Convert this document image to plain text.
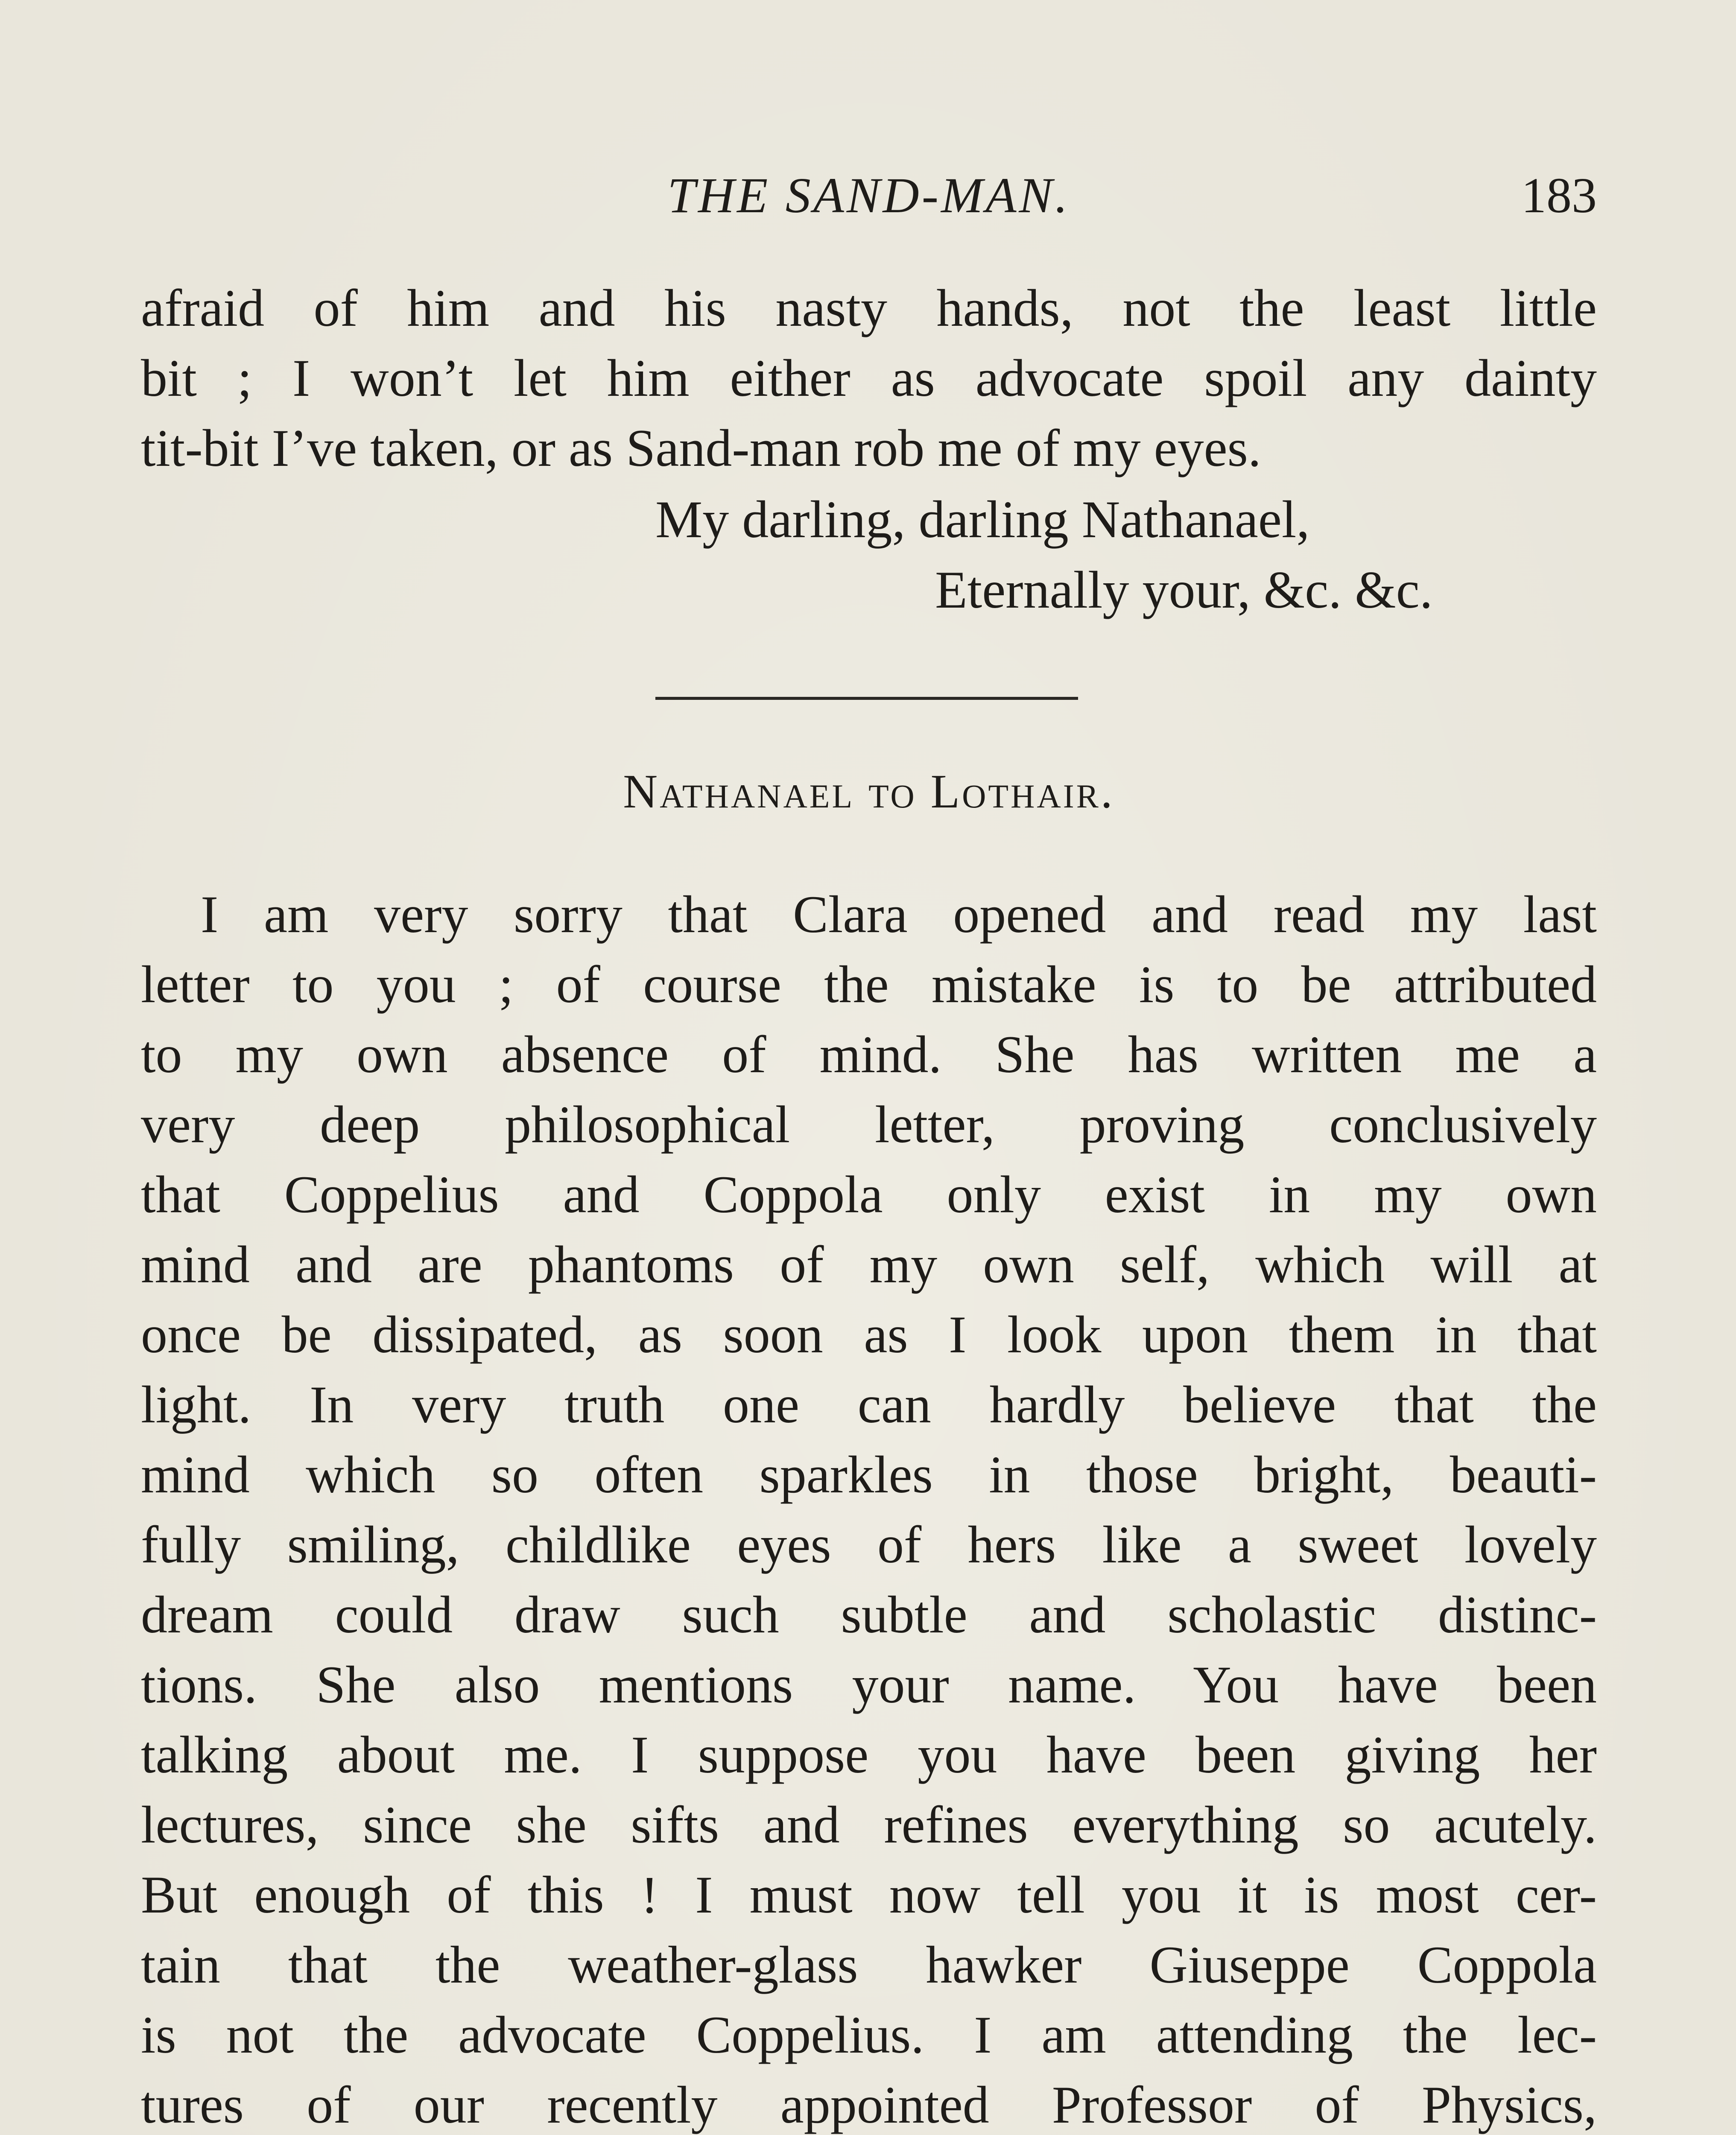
THE SAND-MAN.	183
afraid of him and his nasty hands, not the least little
bit ; I won’t let him either as advocate spoil any dainty
tit-bit I’ve taken, or as Sand-man rob me of my eyes.
My darling, darling Nathanael,
Eternally your, &c. &c.
Nathanael to Lothair.
I am very sorry that Clara opened and read my last
letter to you ; of course the mistake is to be attributed
to my own absence of mind. She has written me a
very deep philosophical letter, proving conclusively
that Coppelius and Coppola only exist in my own
mind and are phantoms of my own self, which will at
once be dissipated, as soon as I look upon them in that
light. In very truth one can hardly believe that the
mind which so often sparkles in those bright, beauti-
fully smiling, childlike eyes of hers like a sweet lovely
dream could draw such subtle and scholastic distinc-
tions. She also mentions your name. You have been
talking about me. I suppose you have been giving her
lectures, since she sifts and refines everything so acutely.
But enough of this ! I must now tell you it is most cer-
tain that the weather-glass hawker Giuseppe Coppola
is not the advocate Coppelius. I am attending the lec-
tures of our recently appointed Professor of Physics,
